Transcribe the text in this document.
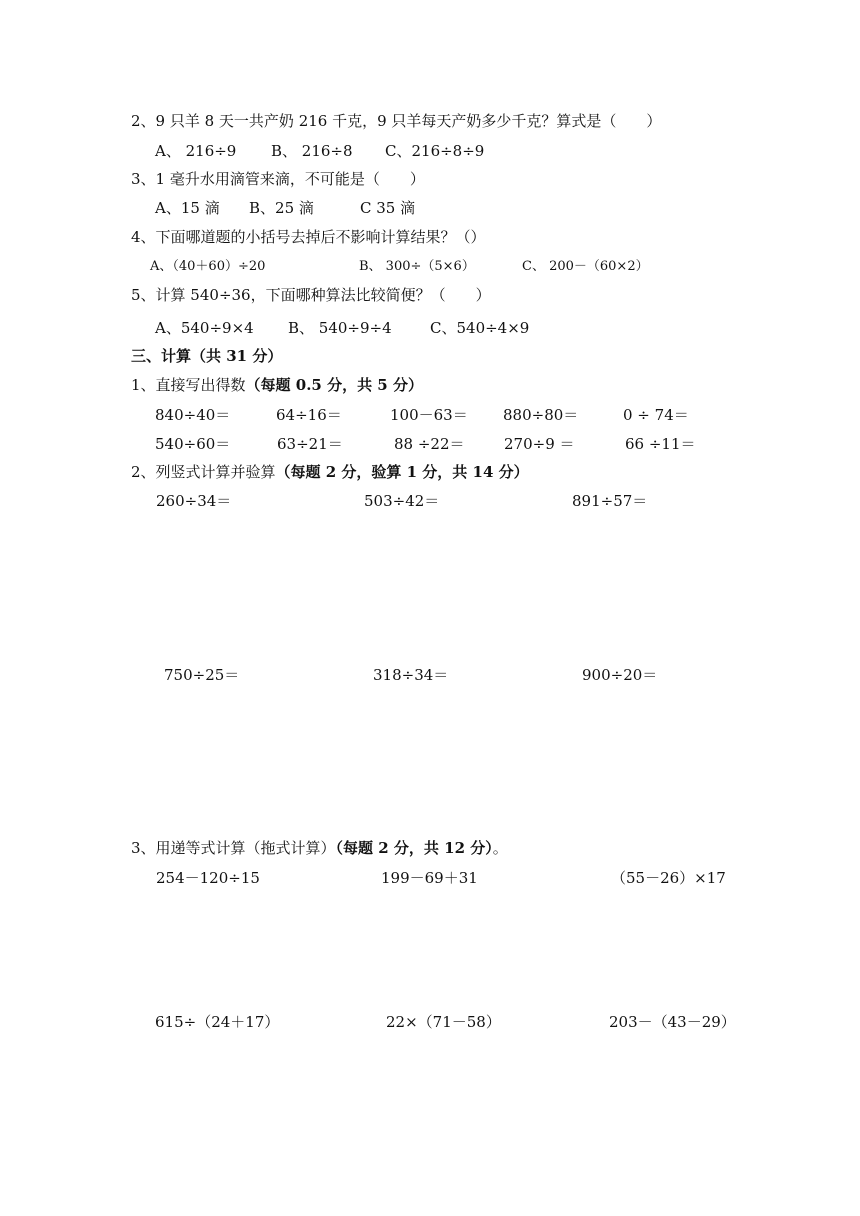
2、9 只羊 8 天一共产奶 216 千克，9 只羊每天产奶多少千克？算式是（　　）
A、 216÷9 B、 216÷8 C、216÷8÷9
3、1 毫升水用滴管来滴，不可能是（　　）
A、15 滴 B、25 滴	C 35 滴
4、下面哪道题的小括号去掉后不影响计算结果？（）
A、（40＋60）÷20	B、 300÷（5×6）	C、 200－（60×2）
5、计算 540÷36，下面哪种算法比较简便？（　　）
A、540÷9×4 B、 540÷9÷4	C、540÷4×9
三、计算（共 31 分）
1、直接写出得数（每题 0.5 分，共 5 分）
840÷40＝	64÷16＝	100－63＝ 880÷80＝	0 ÷ 74＝
540÷60＝	63÷21＝	88 ÷22＝	270÷9 ＝	66 ÷11＝
2、列竖式计算并验算（每题 2 分，验算 1 分，共 14 分）
260÷34＝	503÷42＝	891÷57＝
750÷25＝	318÷34＝	900÷20＝
3、用递等式计算（拖式计算）（每题 2 分，共 12 分）。
254－120÷15	199－69＋31	（55－26）×17
615÷（24＋17）	22×（71－58）	203－（43－29）
